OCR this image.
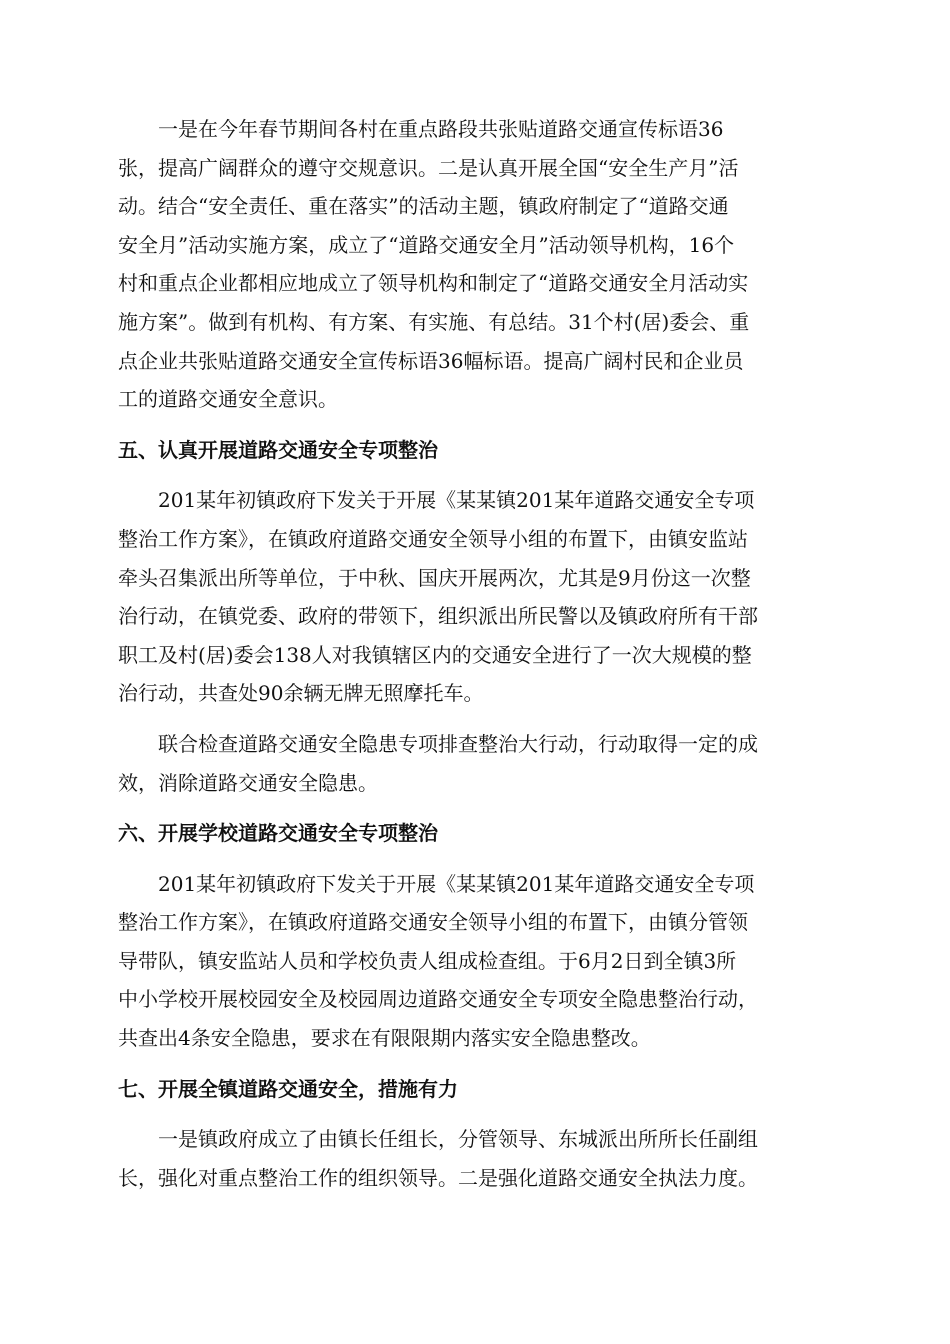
一是在今年春节期间各村在重点路段共张贴道路交通宣传标语36
张，提高广阔群众的遵守交规意识。二是认真开展全国“安全生产月”活
动。结合“安全责任、重在落实”的活动主题，镇政府制定了“道路交通
安全月”活动实施方案，成立了“道路交通安全月”活动领导机构，16个
村和重点企业都相应地成立了领导机构和制定了“道路交通安全月活动实
施方案”。做到有机构、有方案、有实施、有总结。31个村(居)委会、重
点企业共张贴道路交通安全宣传标语36幅标语。提高广阔村民和企业员
工的道路交通安全意识。

五、认真开展道路交通安全专项整治

201某年初镇政府下发关于开展《某某镇201某年道路交通安全专项
整治工作方案》，在镇政府道路交通安全领导小组的布置下，由镇安监站
牵头召集派出所等单位，于中秋、国庆开展两次，尤其是9月份这一次整
治行动，在镇党委、政府的带领下，组织派出所民警以及镇政府所有干部
职工及村(居)委会138人对我镇辖区内的交通安全进行了一次大规模的整
治行动，共查处90余辆无牌无照摩托车。

联合检查道路交通安全隐患专项排查整治大行动，行动取得一定的成
效，消除道路交通安全隐患。

六、开展学校道路交通安全专项整治

201某年初镇政府下发关于开展《某某镇201某年道路交通安全专项
整治工作方案》，在镇政府道路交通安全领导小组的布置下，由镇分管领
导带队，镇安监站人员和学校负责人组成检查组。于6月2日到全镇3所
中小学校开展校园安全及校园周边道路交通安全专项安全隐患整治行动，
共查出4条安全隐患，要求在有限限期内落实安全隐患整改。

七、开展全镇道路交通安全，措施有力

一是镇政府成立了由镇长任组长，分管领导、东城派出所所长任副组
长，强化对重点整治工作的组织领导。二是强化道路交通安全执法力度。
